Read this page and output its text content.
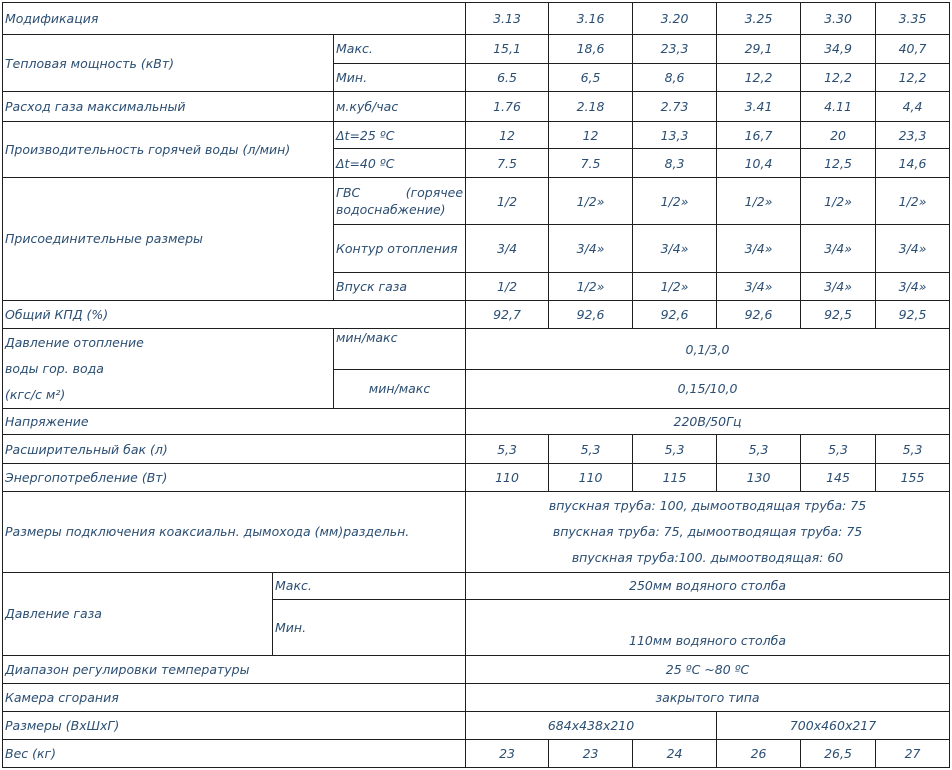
Модификация			3.13	3.16	3.20	3.25	3.30	3.35
Тепловая мощность (кВт)		Макс.	15,1	18,6	23,3	29,1	34,9	40,7
		Мин.	6.5	6,5	8,6	12,2	12,2	12,2
Расход газа максимальный		м.куб/час	1.76	2.18	2.73	3.41	4.11	4,4
Производительность горячей воды (л/мин)		Δt=25 ºC	12	12	13,3	16,7	20	23,3
		Δt=40 ºC	7.5	7.5	8,3	10,4	12,5	14,6
Присоединительные размеры		ГВС (горячее водоснабжение)	1/2	1/2»	1/2»	1/2»	1/2»	1/2»
		Контур отопления	3/4	3/4»	3/4»	3/4»	3/4»	3/4»
		Впуск газа	1/2	1/2»	1/2»	3/4»	3/4»	3/4»
Общий КПД (%)			92,7	92,6	92,6	92,6	92,5	92,5

Давление отопление
воды гор. вода
(кгс/с м²)		мин/макс	0,1/3,0					
		мин/макс	0,15/10,0					
Напряжение			220В/50Гц					
Расширительный бак (л)			5,3	5,3	5,3	5,3	5,3	5,3
Энергопотребление (Вт)			110	110	115	130	145	155
Размеры подключения коаксиальн. дымохода (мм)раздельн.			впускная труба: 100, дымоотводящая труба: 75
впускная труба: 75, дымоотводящая труба: 75
впускная труба:100. дымоотводящая: 60					

Давление газа	Макс.		250мм водяного столба					
	Мин.		110мм водяного столба					
Диапазон регулировки температуры			25 ºC ~80 ºC					
Камера сгорания			закрытого типа					
Размеры (ВхШхГ)			684x438x210			700x460x217		
Вес (кг)			23	23	24	26	26,5	27
